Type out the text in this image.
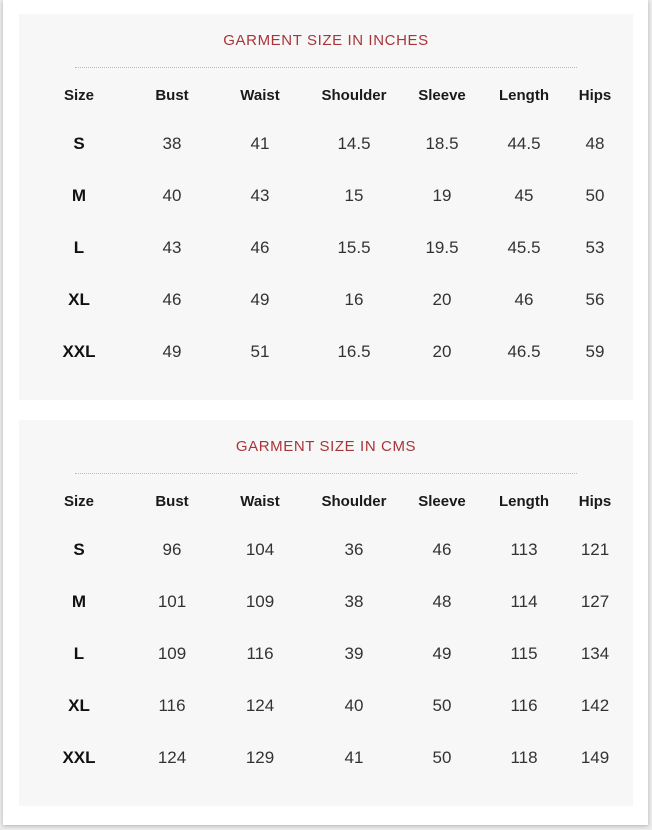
GARMENT SIZE IN INCHES
Size	Bust	Waist	Shoulder	Sleeve	Length	Hips
S	38	41	14.5	18.5	44.5	48
M	40	43	15	19	45	50
L	43	46	15.5	19.5	45.5	53
XL	46	49	16	20	46	56
XXL	49	51	16.5	20	46.5	59
GARMENT SIZE IN CMS
Size	Bust	Waist	Shoulder	Sleeve	Length	Hips
S	96	104	36	46	113	121
M	101	109	38	48	114	127
L	109	116	39	49	115	134
XL	116	124	40	50	116	142
XXL	124	129	41	50	118	149
